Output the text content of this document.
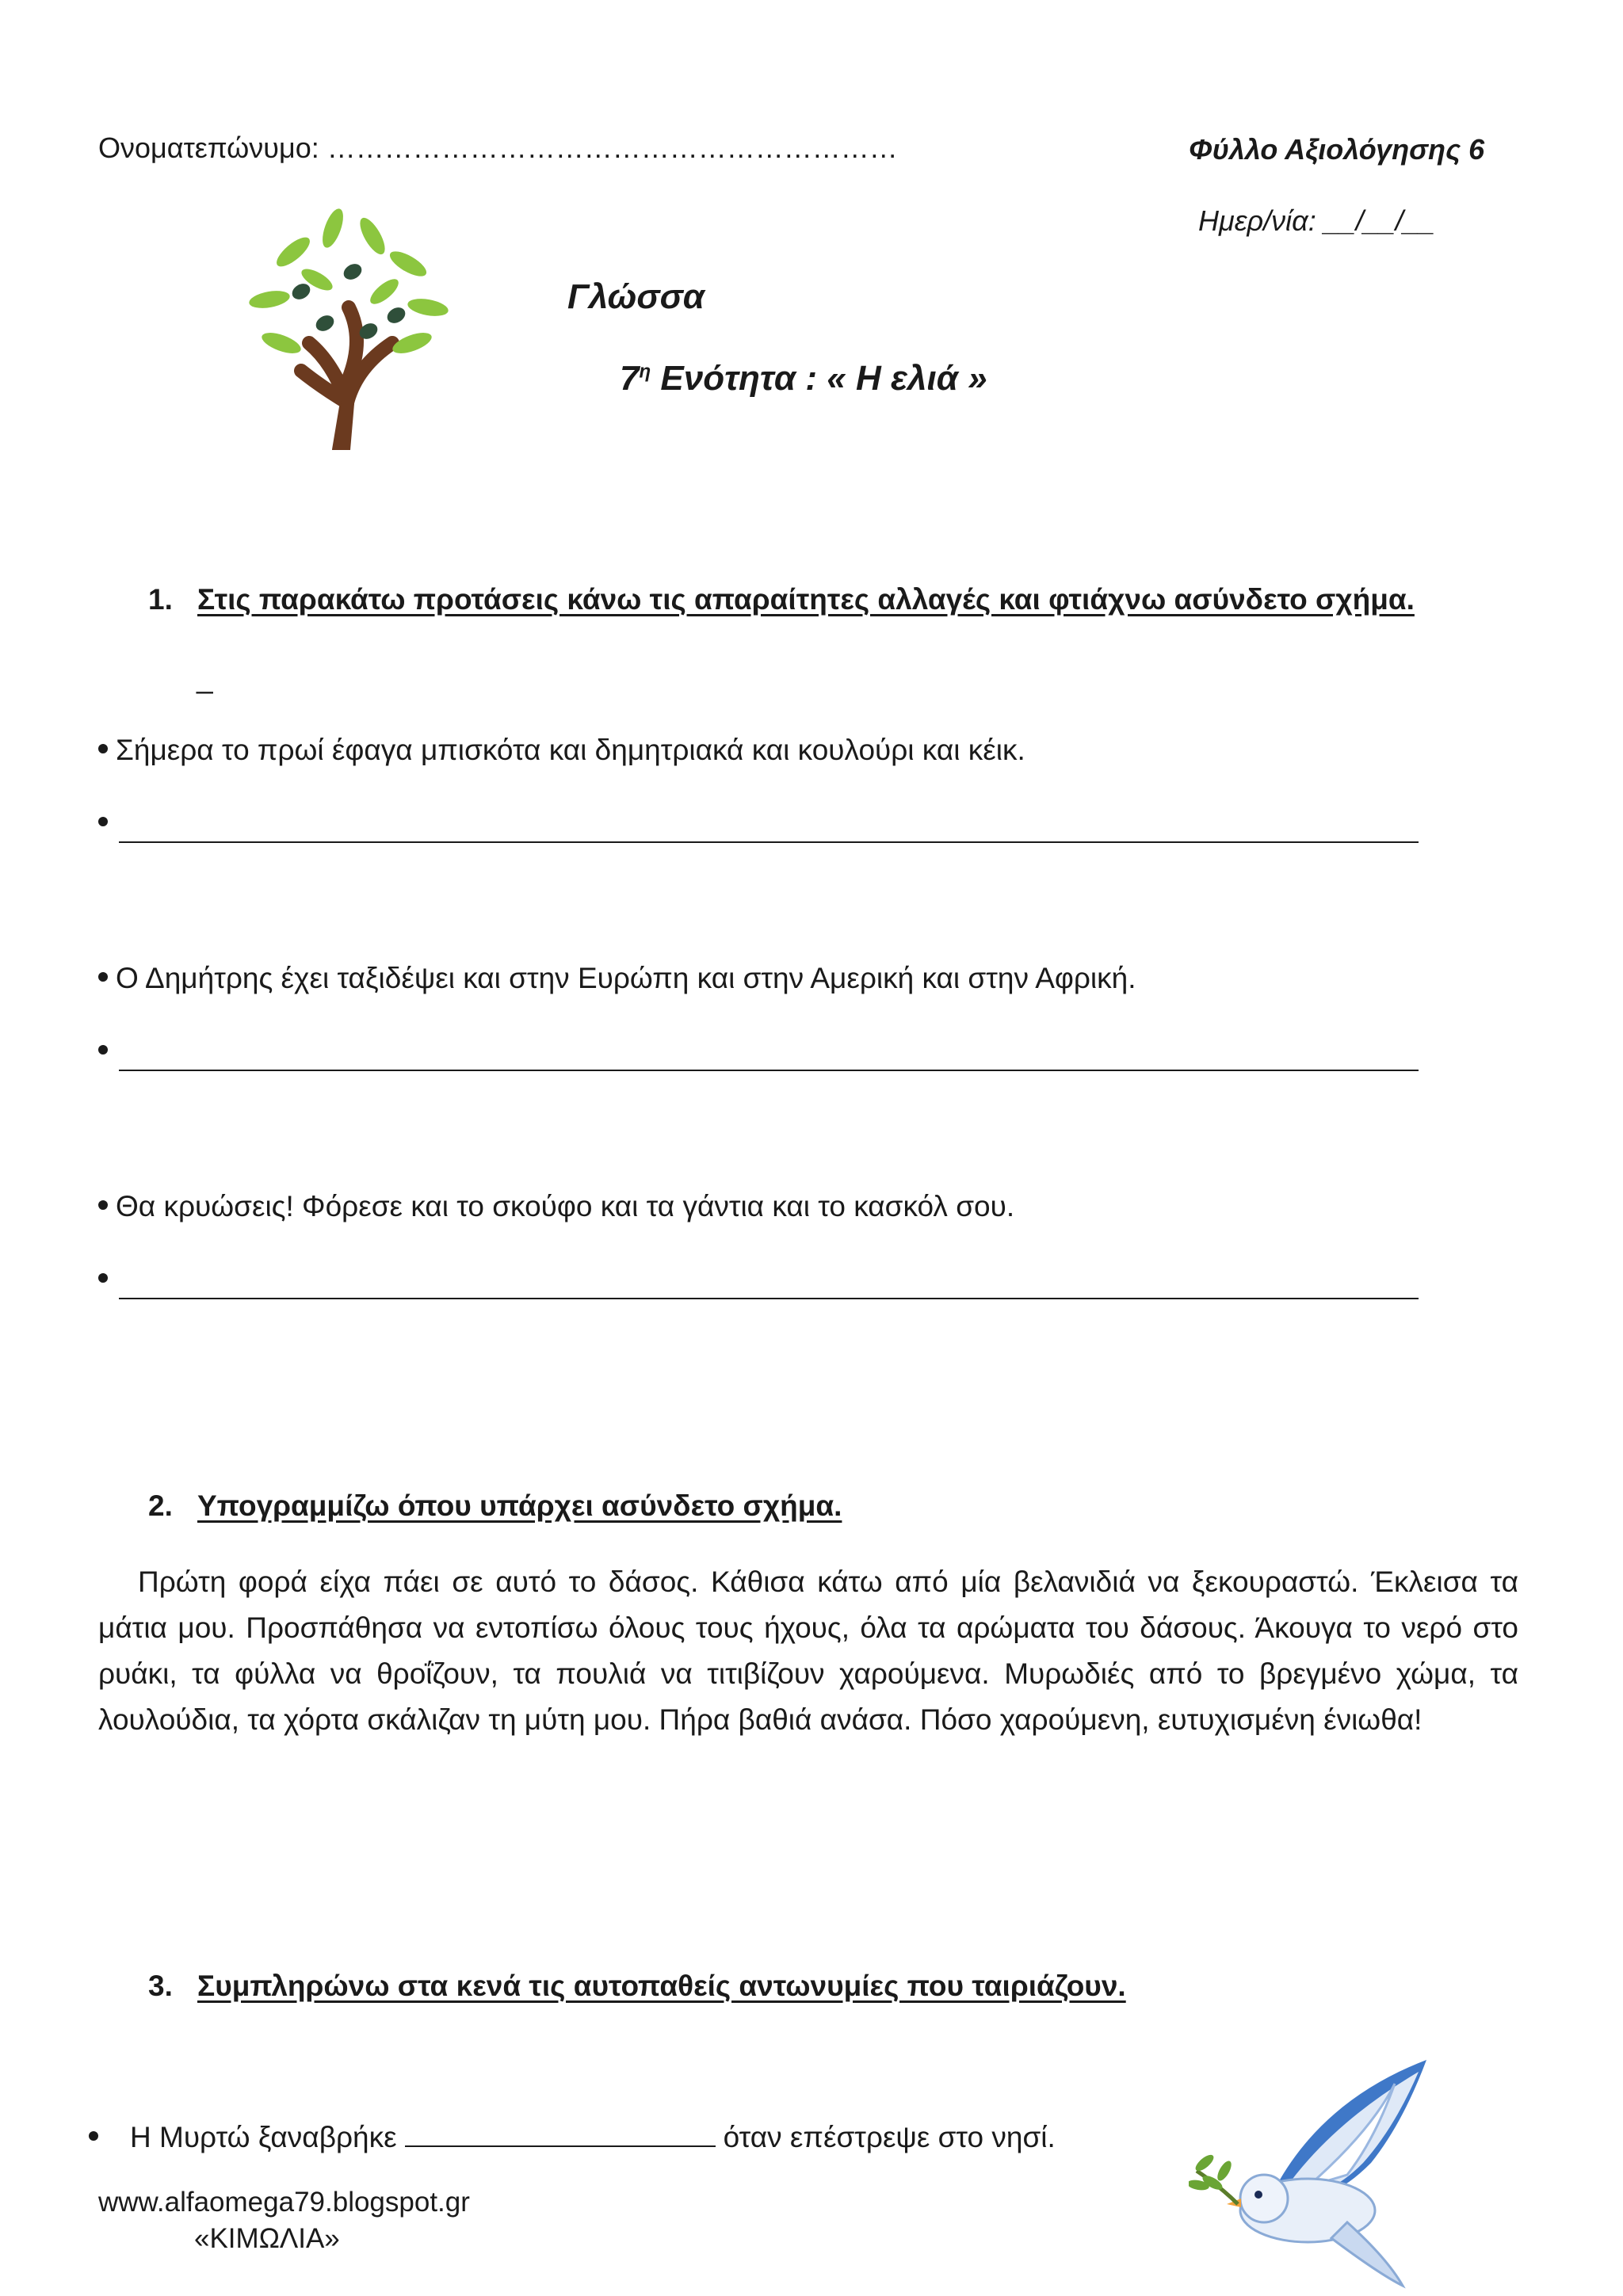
Ονοματεπώνυμο: ……………………………………………………	Φύλλο Αξιολόγησης 6
Ημερ/νία: __/__/__
Γλώσσα
$7^\eta$ Ενότητα : « Η ελιά »
1. Στις παρακάτω προτάσεις κάνω τις απαραίτητες αλλαγές και φτιάχνω ασύνδετο σχήμα.
_
Σήμερα το πρωί έφαγα μπισκότα και δημητριακά και κουλούρι και κέικ.
Ο Δημήτρης έχει ταξιδέψει και στην Ευρώπη και στην Αμερική και στην Αφρική.
Θα κρυώσεις! Φόρεσε και το σκούφο και τα γάντια και το κασκόλ σου.
2. Υπογραμμίζω όπου υπάρχει ασύνδετο σχήμα.
Πρώτη φορά είχα πάει σε αυτό το δάσος. Κάθισα κάτω από μία βελανιδιά να ξεκουραστώ. Έκλεισα τα μάτια μου. Προσπάθησα να εντοπίσω όλους τους ήχους, όλα τα αρώματα του δάσους. Άκουγα το νερό στο ρυάκι, τα φύλλα να θροΐζουν, τα πουλιά να τιτιβίζουν χαρούμενα. Μυρωδιές από το βρεγμένο χώμα, τα λουλούδια, τα χόρτα σκάλιζαν τη μύτη μου. Πήρα βαθιά ανάσα. Πόσο χαρούμενη, ευτυχισμένη ένιωθα!
3. Συμπληρώνω στα κενά τις αυτοπαθείς αντωνυμίες που ταιριάζουν.
Η Μυρτώ ξαναβρήκε	όταν επέστρεψε στο νησί.
www.alfaomega79.blogspot.gr
«ΚΙΜΩΛΙΑ»
